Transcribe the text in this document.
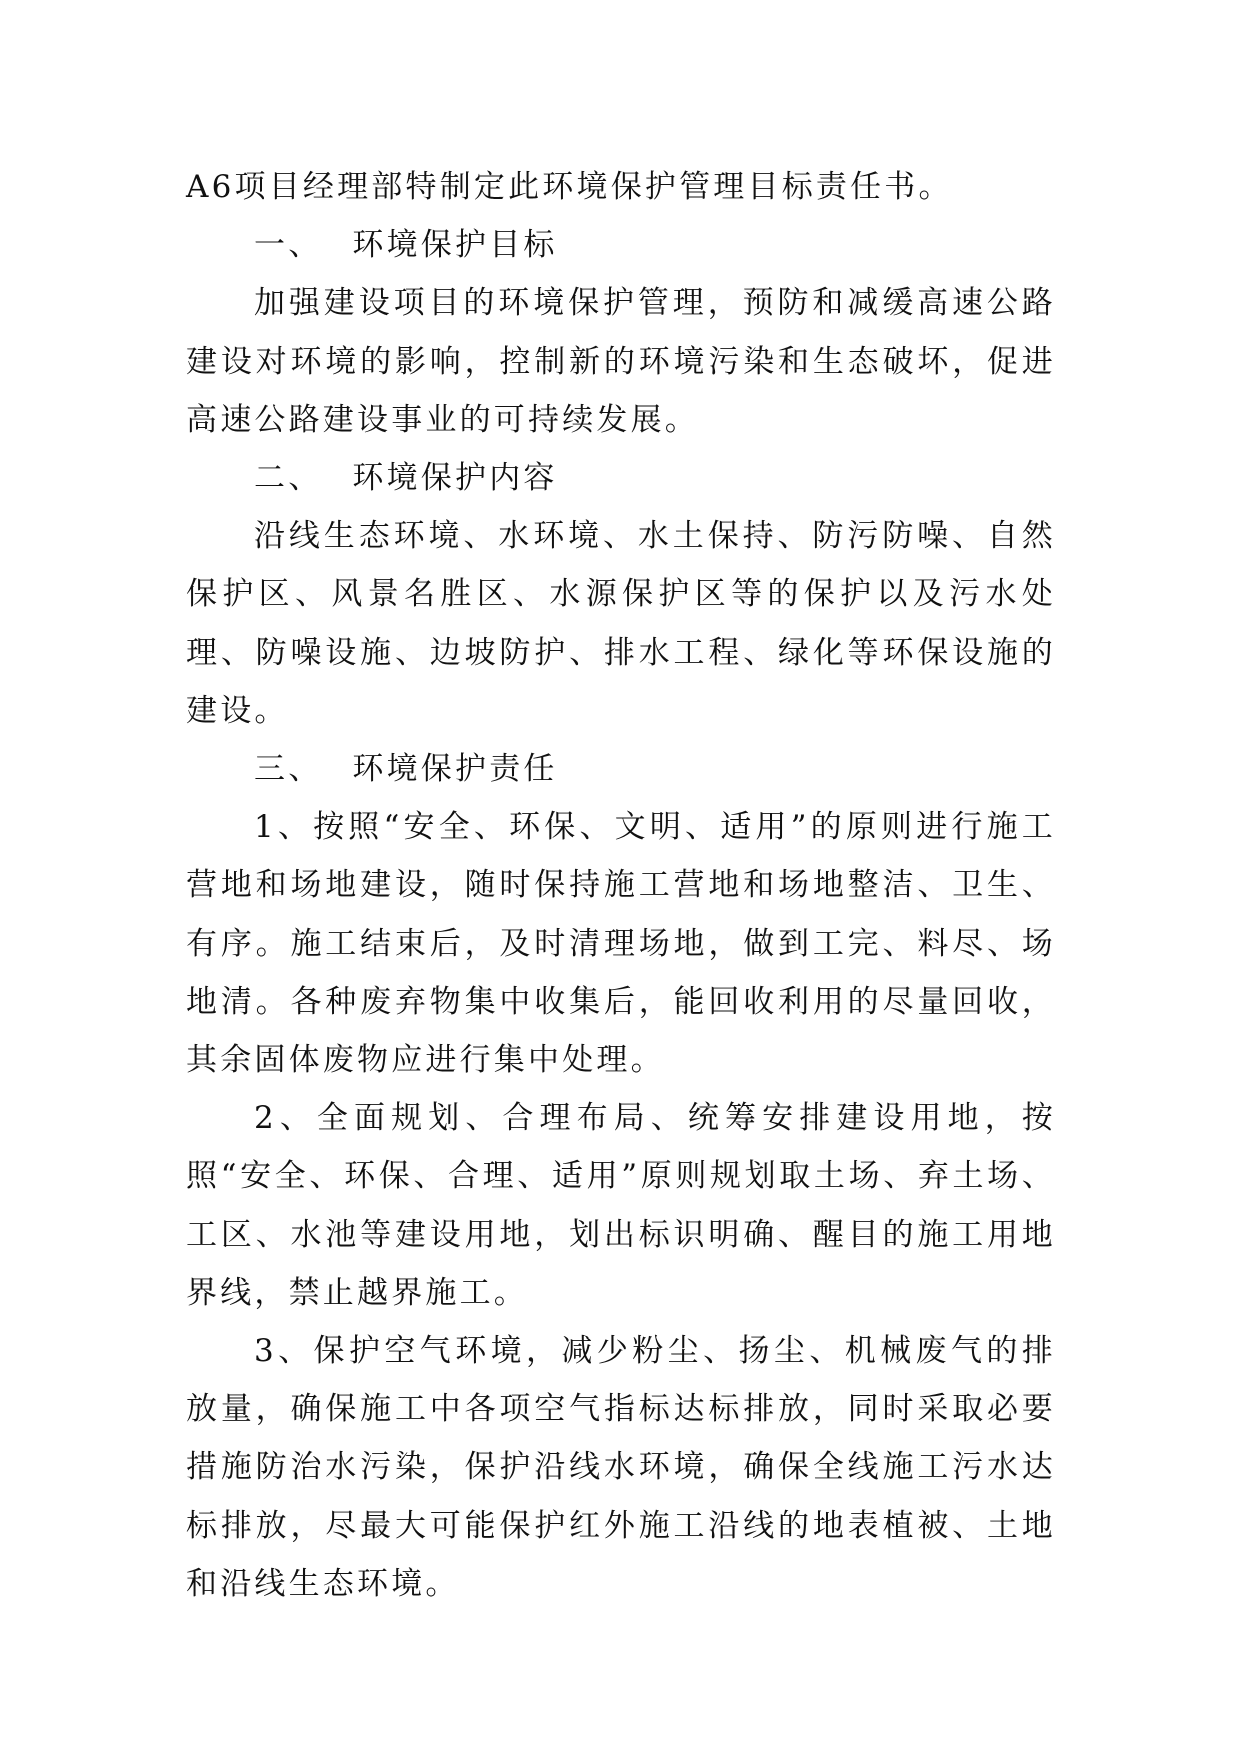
A6项目经理部特制定此环境保护管理目标责任书。

一、 环境保护目标

加强建设项目的环境保护管理，预防和减缓高速公路建设对环境的影响，控制新的环境污染和生态破坏，促进高速公路建设事业的可持续发展。

二、 环境保护内容

沿线生态环境、水环境、水土保持、防污防噪、自然保护区、风景名胜区、水源保护区等的保护以及污水处理、防噪设施、边坡防护、排水工程、绿化等环保设施的建设。

三、 环境保护责任

1、按照“安全、环保、文明、适用”的原则进行施工营地和场地建设，随时保持施工营地和场地整洁、卫生、有序。施工结束后，及时清理场地，做到工完、料尽、场地清。各种废弃物集中收集后，能回收利用的尽量回收，其余固体废物应进行集中处理。

2、全面规划、合理布局、统筹安排建设用地，按照“安全、环保、合理、适用”原则规划取土场、弃土场、工区、水池等建设用地，划出标识明确、醒目的施工用地界线，禁止越界施工。

3、保护空气环境，减少粉尘、扬尘、机械废气的排放量，确保施工中各项空气指标达标排放，同时采取必要措施防治水污染，保护沿线水环境，确保全线施工污水达标排放，尽最大可能保护红外施工沿线的地表植被、土地和沿线生态环境。
